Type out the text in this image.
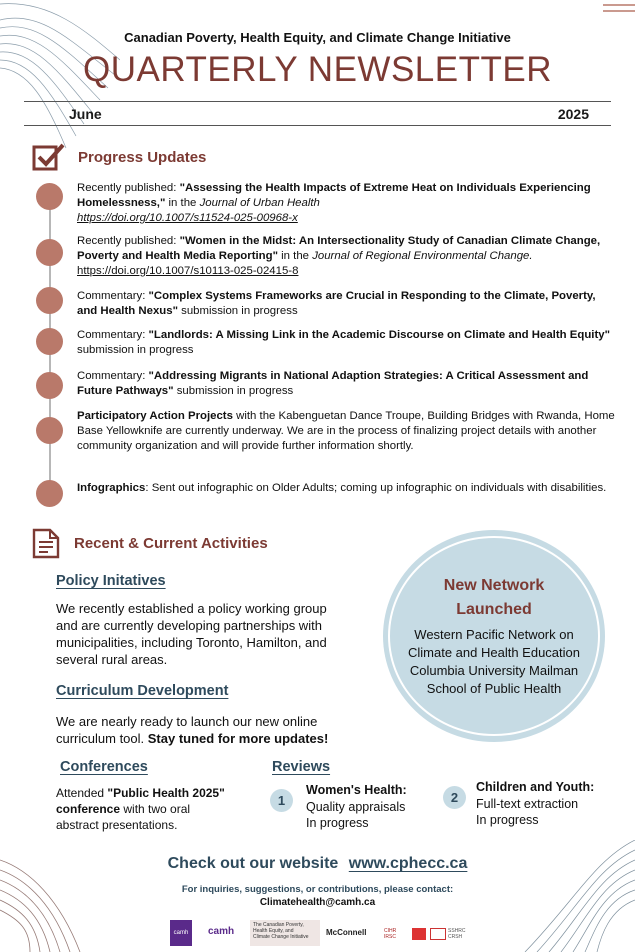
Canadian Poverty, Health Equity, and Climate Change Initiative
QUARTERLY NEWSLETTER
June	2025
Progress Updates
Recently published: "Assessing the Health Impacts of Extreme Heat on Individuals Experiencing Homelessness," in the Journal of Urban Health
https://doi.org/10.1007/s11524-025-00968-x
Recently published: "Women in the Midst: An Intersectionality Study of Canadian Climate Change, Poverty and Health Media Reporting" in the Journal of Regional Environmental Change. https://doi.org/10.1007/s10113-025-02415-8
Commentary: "Complex Systems Frameworks are Crucial in Responding to the Climate, Poverty, and Health Nexus" submission in progress
Commentary: "Landlords: A Missing Link in the Academic Discourse on Climate and Health Equity" submission in progress
Commentary: "Addressing Migrants in National Adaption Strategies: A Critical Assessment and Future Pathways" submission in progress
Participatory Action Projects with the Kabenguetan Dance Troupe, Building Bridges with Rwanda, Home Base Yellowknife are currently underway. We are in the process of finalizing project details with another community organization and will provide further information shortly.
Infographics: Sent out infographic on Older Adults; coming up infographic on individuals with disabilities.
Recent & Current Activities
Policy Initatives
We recently established a policy working group and are currently developing partnerships with municipalities, including Toronto, Hamilton, and several rural areas.
Curriculum Development
We are nearly ready to launch our new online curriculum tool. Stay tuned for more updates!
New Network
Launched
Western Pacific Network on
Climate and Health Education
Columbia University Mailman
School of Public Health
Conferences
Attended "Public Health 2025"
conference with two oral
abstract presentations.
Reviews
1
Women's Health:
Quality appraisals
In progress
2
Children and Youth:
Full-text extraction
In progress
Check out our website www.cphecc.ca
For inquiries, suggestions, or contributions, please contact:
Climatehealth@camh.ca
camh	camh
The Canadian Poverty,
Health Equity, and
Climate Change Initiative	McConnell	CIHR IRSC
SSHRC CRSH
